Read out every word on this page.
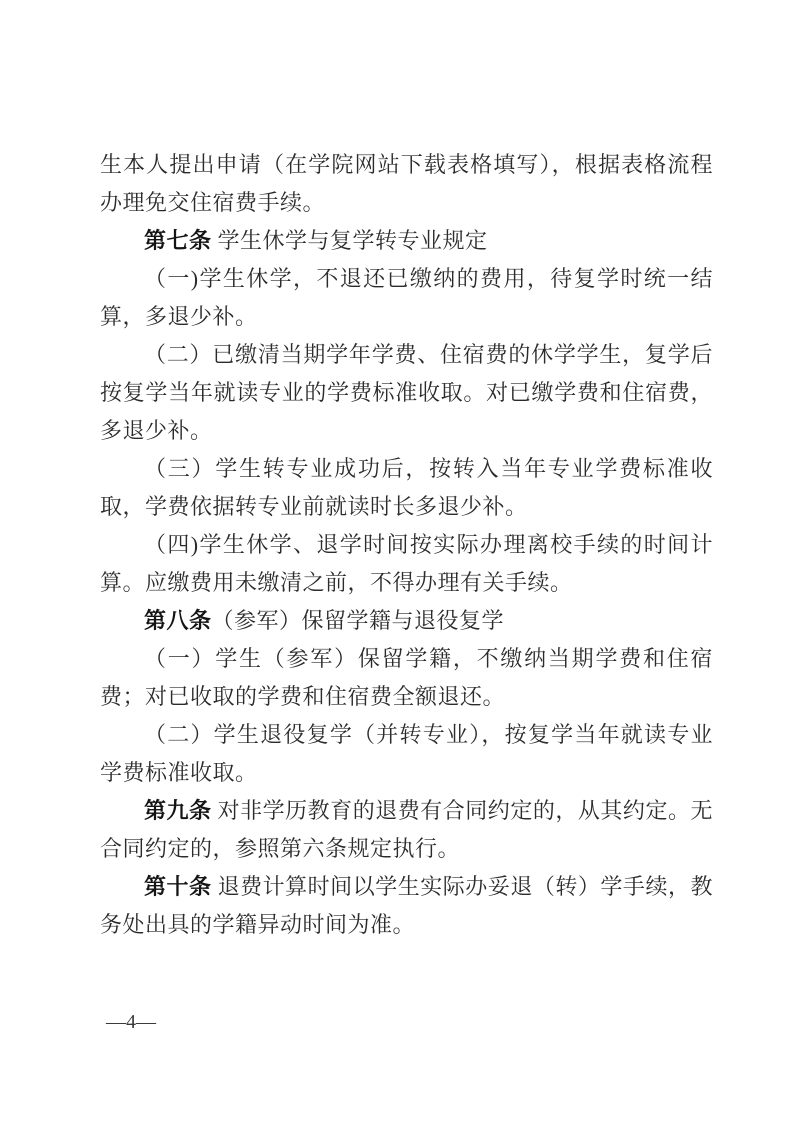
生本人提出申请（在学院网站下载表格填写），根据表格流程办理免交住宿费手续。

第七条 学生休学与复学转专业规定

（一)学生休学，不退还已缴纳的费用，待复学时统一结算，多退少补。

（二）已缴清当期学年学费、住宿费的休学学生，复学后按复学当年就读专业的学费标准收取。对已缴学费和住宿费，多退少补。

（三）学生转专业成功后，按转入当年专业学费标准收取，学费依据转专业前就读时长多退少补。

（四)学生休学、退学时间按实际办理离校手续的时间计算。应缴费用未缴清之前，不得办理有关手续。

第八条（参军）保留学籍与退役复学

（一）学生（参军）保留学籍，不缴纳当期学费和住宿费；对已收取的学费和住宿费全额退还。

（二）学生退役复学（并转专业），按复学当年就读专业学费标准收取。

第九条 对非学历教育的退费有合同约定的，从其约定。无合同约定的，参照第六条规定执行。

第十条 退费计算时间以学生实际办妥退（转）学手续，教务处出具的学籍异动时间为准。

—4—
